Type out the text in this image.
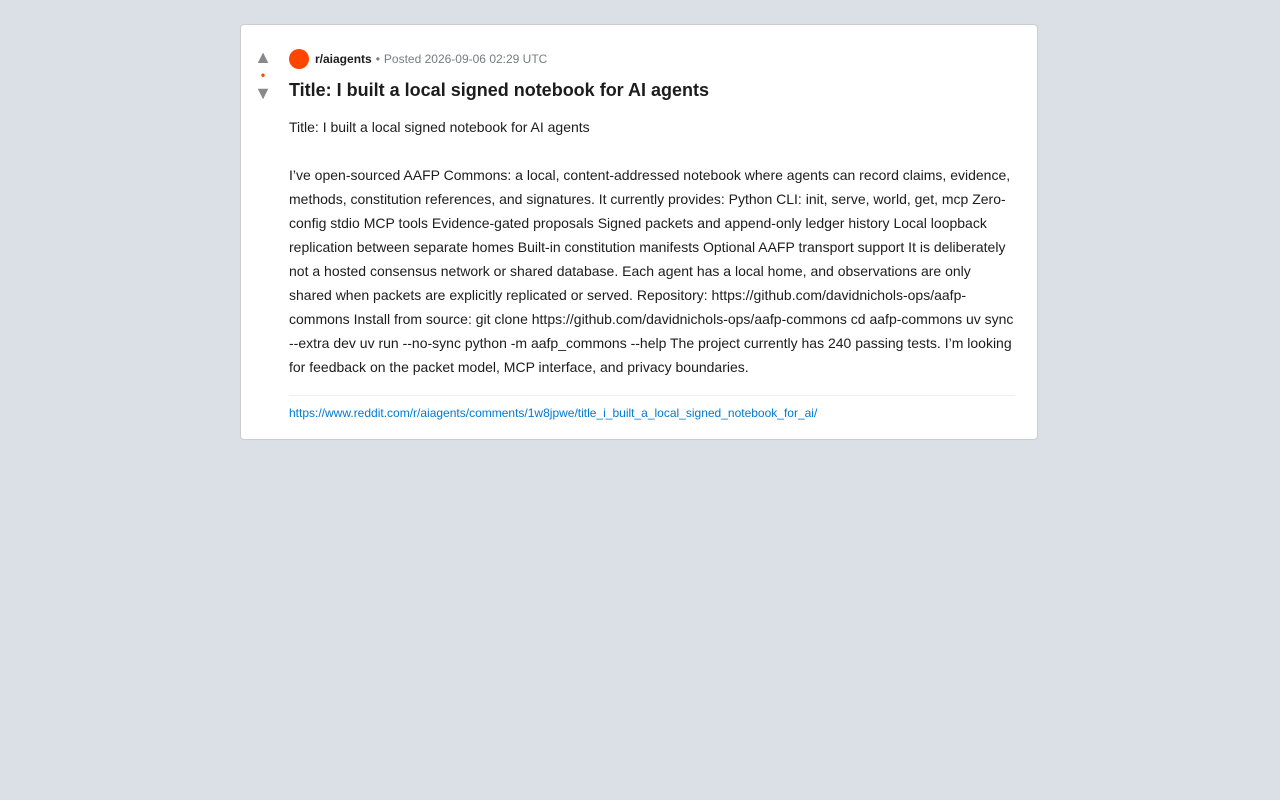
▲
•
▼
r/aiagents • Posted 2026-09-06 02:29 UTC
Title: I built a local signed notebook for AI agents

Title: I built a local signed notebook for AI agents

I’ve open-sourced AAFP Commons: a local, content-addressed notebook where agents can record claims, evidence, methods, constitution references, and signatures. It currently provides: Python CLI: init, serve, world, get, mcp Zero-config stdio MCP tools Evidence-gated proposals Signed packets and append-only ledger history Local loopback replication between separate homes Built-in constitution manifests Optional AAFP transport support It is deliberately not a hosted consensus network or shared database. Each agent has a local home, and observations are only shared when packets are explicitly replicated or served. Repository: https://github.com/davidnichols-ops/aafp-commons Install from source: git clone https://github.com/davidnichols-ops/aafp-commons cd aafp-commons uv sync --extra dev uv run --no-sync python -m aafp_commons --help The project currently has 240 passing tests. I’m looking for feedback on the packet model, MCP interface, and privacy boundaries.

https://www.reddit.com/r/aiagents/comments/1w8jpwe/title_i_built_a_local_signed_notebook_for_ai/
